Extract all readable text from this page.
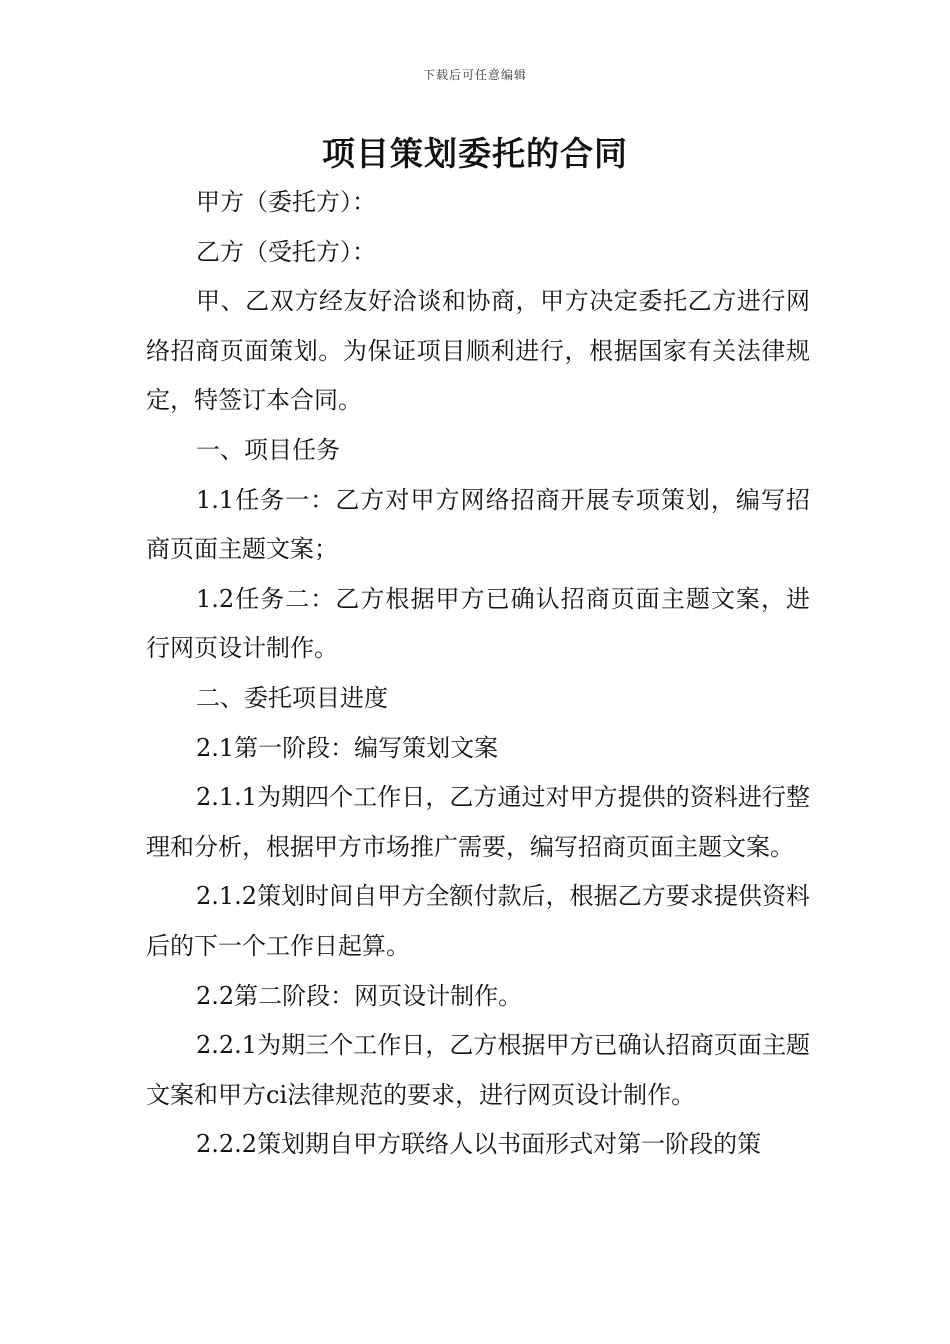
下载后可任意编辑
项目策划委托的合同

甲方（委托方）：

乙方（受托方）：

甲、乙双方经友好洽谈和协商，甲方决定委托乙方进行网络招商页面策划。为保证项目顺利进行，根据国家有关法律规定，特签订本合同。

一、项目任务

1.1任务一：乙方对甲方网络招商开展专项策划，编写招商页面主题文案；

1.2任务二：乙方根据甲方已确认招商页面主题文案，进行网页设计制作。

二、委托项目进度

2.1第一阶段：编写策划文案

2.1.1为期四个工作日，乙方通过对甲方提供的资料进行整理和分析，根据甲方市场推广需要，编写招商页面主题文案。

2.1.2策划时间自甲方全额付款后，根据乙方要求提供资料后的下一个工作日起算。

2.2第二阶段：网页设计制作。

2.2.1为期三个工作日，乙方根据甲方已确认招商页面主题文案和甲方ci法律规范的要求，进行网页设计制作。

2.2.2策划期自甲方联络人以书面形式对第一阶段的策
